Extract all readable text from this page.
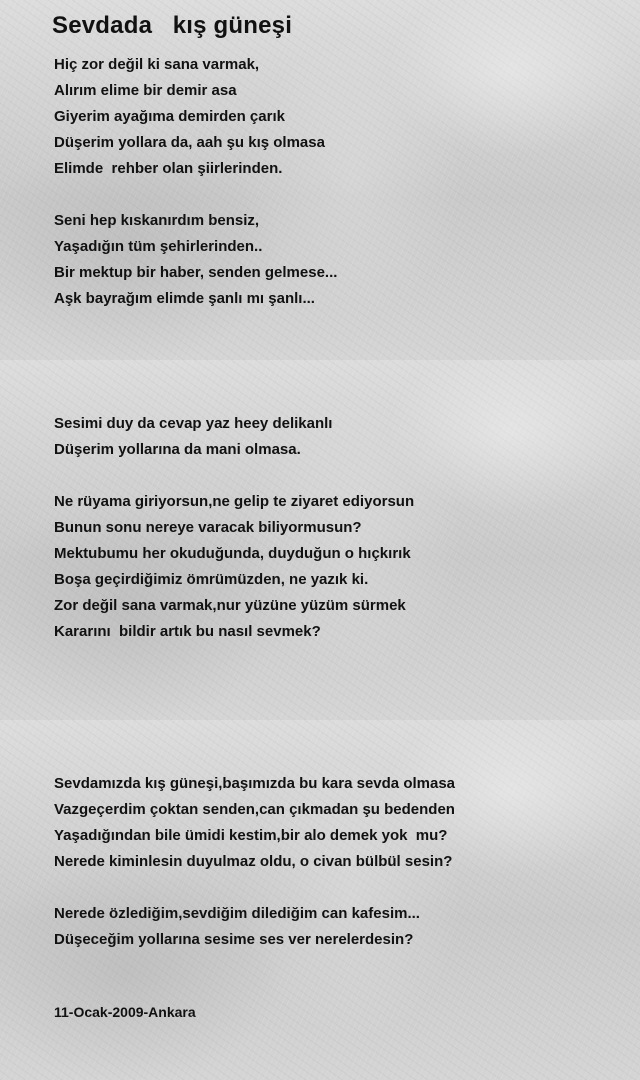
Sevdada   kış güneşi
Hiç zor değil ki sana varmak,
Alırım elime bir demir asa
Giyerim ayağıma demirden çarık
Düşerim yollara da, aah şu kış olmasa
Elimde  rehber olan şiirlerinden.
Seni hep kıskanırdım bensiz,
Yaşadığın tüm şehirlerinden..
Bir mektup bir haber, senden gelmese...
Aşk bayrağım elimde şanlı mı şanlı...
Sesimi duy da cevap yaz heey delikanlı
Düşerim yollarına da mani olmasa.
Ne rüyama giriyorsun,ne gelip te ziyaret ediyorsun
Bunun sonu nereye varacak biliyormusun?
Mektubumu her okuduğunda, duyduğun o hıçkırık
Boşa geçirdiğimiz ömrümüzden, ne yazık ki.
Zor değil sana varmak,nur yüzüne yüzüm sürmek
Kararını  bildir artık bu nasıl sevmek?
Sevdamızda kış güneşi,başımızda bu kara sevda olmasa
Vazgeçerdim çoktan senden,can çıkmadan şu bedenden
Yaşadığından bile ümidi kestim,bir alo demek yok  mu?
Nerede kiminlesin duyulmaz oldu, o civan bülbül sesin?
Nerede özlediğim,sevdiğim dilediğim can kafesim...
Düşeceğim yollarına sesime ses ver nerelerdesin?

11-Ocak-2009-Ankara
